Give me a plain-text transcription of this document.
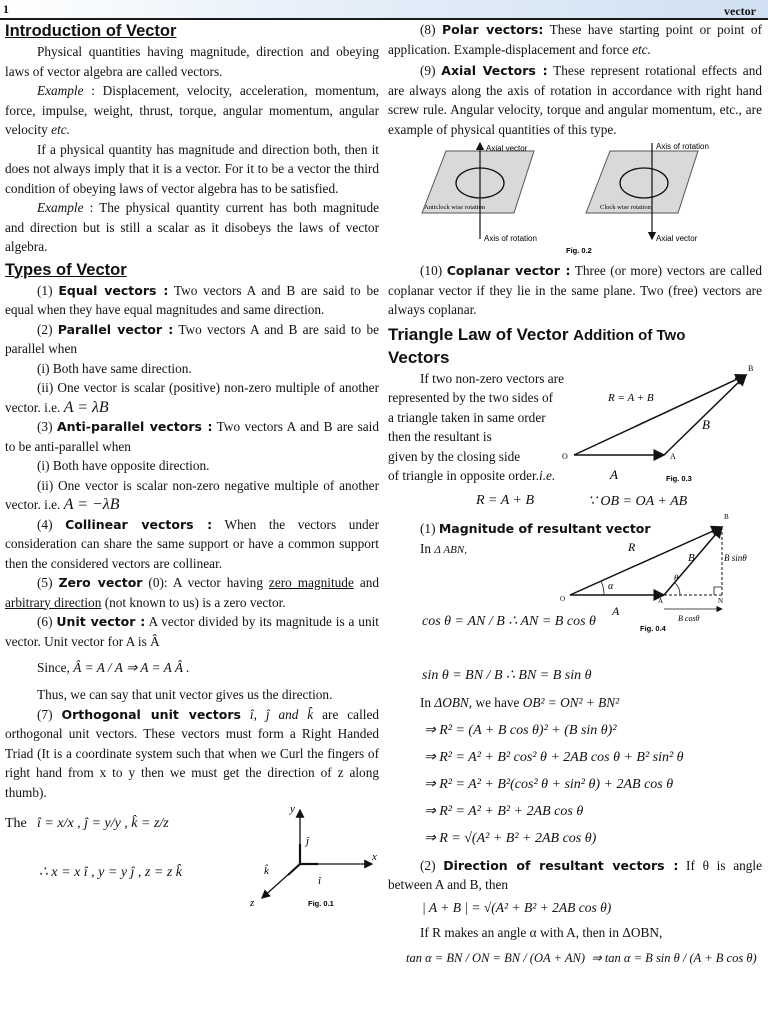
1	vector
Introduction of Vector

Physical quantities having magnitude, direction and obeying laws of vector algebra are called vectors.

Example : Displacement, velocity, acceleration, momentum, force, impulse, weight, thrust, torque, angular momentum, angular velocity etc.

If a physical quantity has magnitude and direction both, then it does not always imply that it is a vector. For it to be a vector the third condition of obeying laws of vector algebra has to be satisfied.

Example : The physical quantity current has both magnitude and direction but is still a scalar as it disobeys the laws of vector algebra.

Types of Vector

(1) Equal vectors : Two vectors A and B are said to be equal when they have equal magnitudes and same direction.

(2) Parallel vector : Two vectors A and B are said to be parallel when

(i) Both have same direction.

(ii) One vector is scalar (positive) non-zero multiple of another vector. i.e. A = λB

(3) Anti-parallel vectors : Two vectors A and B are said to be anti-parallel when

(i) Both have opposite direction.

(ii) One vector is scalar non-zero negative multiple of another vector. i.e. A = −λB

(4) Collinear vectors : When the vectors under consideration can share the same support or have a common support then the considered vectors are collinear.

(5) Zero vector (0): A vector having zero magnitude and arbitrary direction (not known to us) is a zero vector.

(6) Unit vector : A vector divided by its magnitude is a unit vector. Unit vector for A is Â

Since, Â = A / A ⇒ A = A Â .

Thus, we can say that unit vector gives us the direction.

(7) Orthogonal unit vectors î, ĵ and k̂ are called orthogonal unit vectors. These vectors must form a Right Handed Triad (It is a coordinate system such that when we Curl the fingers of right hand from x to y then we must get the direction of z along thumb).

The î = x/x , ĵ = y/y , k̂ = z/z
∴ x = x î , y = y ĵ , z = z k̂
y
x
z
ĵ
î
k̂
Fig. 0.1

(8) Polar vectors: These have starting point or point of application. Example-displacement and force etc.

(9) Axial Vectors : These represent rotational effects and are always along the axis of rotation in accordance with right hand screw rule. Angular velocity, torque and angular momentum, etc., are example of physical quantities of this type.

Axial vector
Axis of rotation
Anticlock wise rotation
Axis of rotation
Axial vector
Clock wise rotation
Fig. 0.2

(10) Coplanar vector : Three (or more) vectors are called coplanar vector if they lie in the same plane. Two (free) vectors are always coplanar.

Triangle Law of Vector Addition of Two
Vectors
If two non-zero vectors are
represented by the two sides of
a triangle taken in same order
then the resultant is
given by the closing side
of triangle in opposite order.i.e.
R = A + B
B
A
O	A
B
Fig. 0.3
R = A + B	∵ OB = OA + AB
(1) Magnitude of resultant vector
In Δ ABN,
cos θ = AN / B ∴ AN = B cos θ
B
R
B sinθ
B
α
θ
O
A
A	N
B cosθ
Fig. 0.4
sin θ = BN / B ∴ BN = B sin θ
In ΔOBN, we have OB² = ON² + BN²
⇒ R² = (A + B cos θ)² + (B sin θ)²
⇒ R² = A² + B² cos² θ + 2AB cos θ + B² sin² θ
⇒ R² = A² + B²(cos² θ + sin² θ) + 2AB cos θ
⇒ R² = A² + B² + 2AB cos θ
⇒ R = √(A² + B² + 2AB cos θ)

(2) Direction of resultant vectors : If θ is angle between A and B, then

| A + B | = √(A² + B² + 2AB cos θ)
If R makes an angle α with A, then in ΔOBN,
tan α = BN / ON = BN / (OA + AN) ⇒ tan α = B sin θ / (A + B cos θ)
